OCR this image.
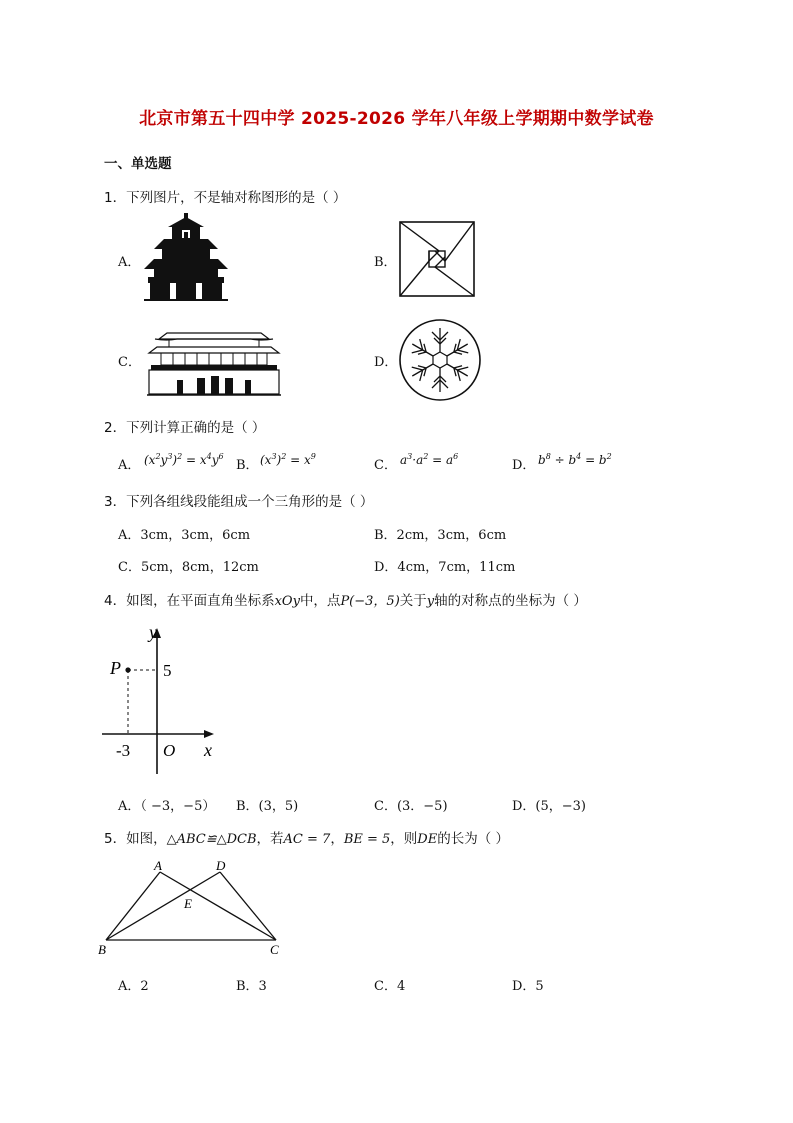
北京市第五十四中学 2025-2026 学年八年级上学期期中数学试卷
一、单选题
1．下列图片，不是轴对称图形的是（ ）
A．	B．
C．	D．
2．下列计算正确的是（ ）
A． $(x^2y^3)^2 = x^4y^6$
B． $(x^3)^2 = x^9$
C． $a^3\cdot a^2 = a^6$
D． $b^8 \div b^4 = b^2$
3．下列各组线段能组成一个三角形的是（ ）
A．3cm，3cm，6cm	B．2cm，3cm，6cm
C．5cm，8cm，12cm	D．4cm，7cm，11cm
4．如图，在平面直角坐标系xOy中，点P(−3，5)关于y轴的对称点的坐标为（ ）
y
x
P 5
-3 O
A．（ −3，−5） B．(3，5)	C．(3．−5)	D．(5，−3)
5．如图，△ABC≌△DCB，若AC = 7，BE = 5，则DE的长为（ ）
A	D
E
B	C
A．2	B．3	C．4	D．5
